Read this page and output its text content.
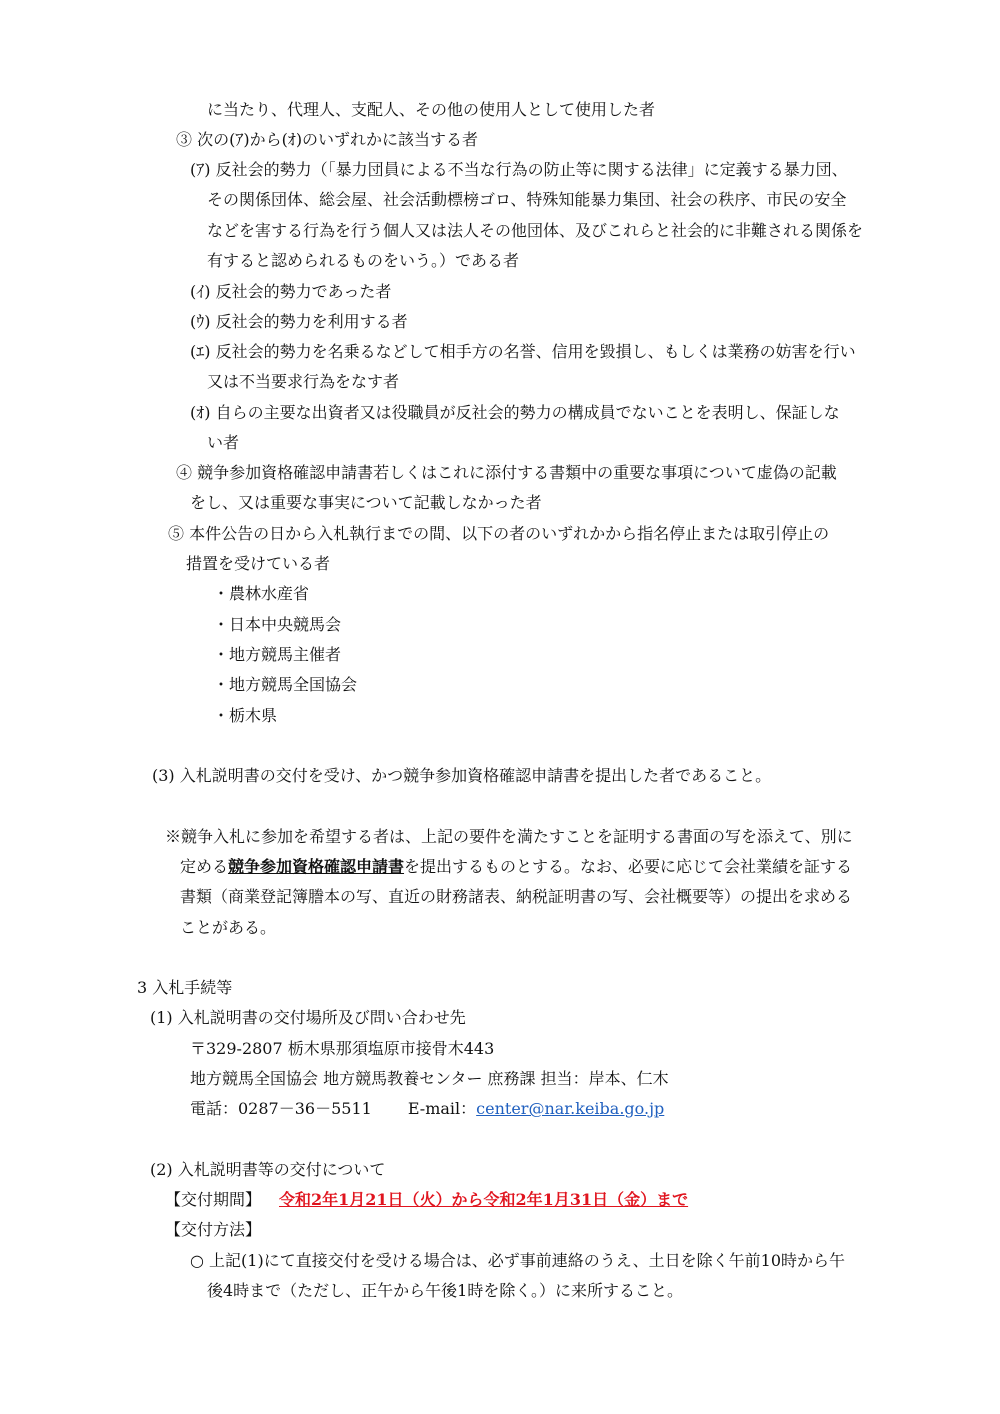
に当たり、代理人、支配人、その他の使用人として使用した者
③ 次の(ｱ)から(ｵ)のいずれかに該当する者
(ｱ) 反社会的勢力（「暴力団員による不当な行為の防止等に関する法律」に定義する暴力団、
その関係団体、総会屋、社会活動標榜ゴロ、特殊知能暴力集団、社会の秩序、市民の安全
などを害する行為を行う個人又は法人その他団体、及びこれらと社会的に非難される関係を
有すると認められるものをいう。）である者
(ｲ) 反社会的勢力であった者
(ｳ) 反社会的勢力を利用する者
(ｴ) 反社会的勢力を名乗るなどして相手方の名誉、信用を毀損し、もしくは業務の妨害を行い
又は不当要求行為をなす者
(ｵ) 自らの主要な出資者又は役職員が反社会的勢力の構成員でないことを表明し、保証しな
い者
④ 競争参加資格確認申請書若しくはこれに添付する書類中の重要な事項について虚偽の記載
をし、又は重要な事実について記載しなかった者
⑤ 本件公告の日から入札執行までの間、以下の者のいずれかから指名停止または取引停止の
措置を受けている者
・農林水産省
・日本中央競馬会
・地方競馬主催者
・地方競馬全国協会
・栃木県
(3) 入札説明書の交付を受け、かつ競争参加資格確認申請書を提出した者であること。
※競争入札に参加を希望する者は、上記の要件を満たすことを証明する書面の写を添えて、別に
定める競争参加資格確認申請書を提出するものとする。なお、必要に応じて会社業績を証する
書類（商業登記簿謄本の写、直近の財務諸表、納税証明書の写、会社概要等）の提出を求める
ことがある。
3 入札手続等
(1) 入札説明書の交付場所及び問い合わせ先
〒329-2807 栃木県那須塩原市接骨木443
地方競馬全国協会 地方競馬教養センター 庶務課 担当：岸本、仁木
電話：0287－36－5511 E-mail：center@nar.keiba.go.jp
(2) 入札説明書等の交付について
【交付期間】 令和2年1月21日（火）から令和2年1月31日（金）まで
【交付方法】
○ 上記(1)にて直接交付を受ける場合は、必ず事前連絡のうえ、土日を除く午前10時から午
後4時まで（ただし、正午から午後1時を除く。）に来所すること。
